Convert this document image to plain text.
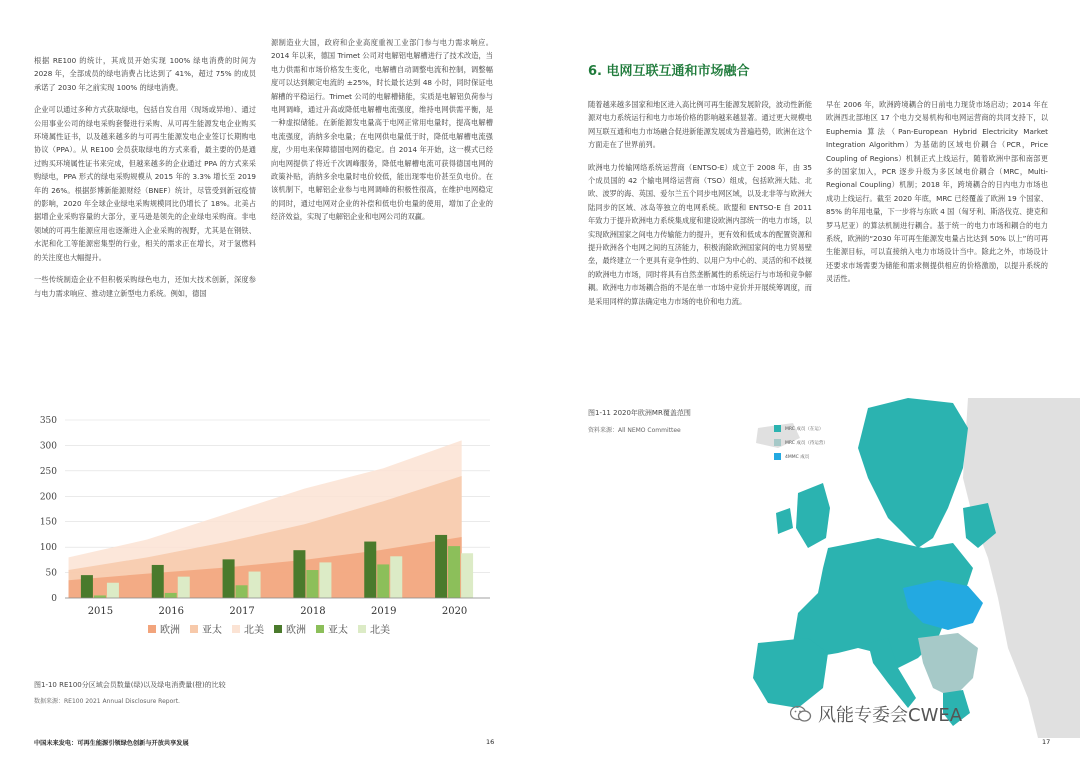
根据 RE100 的统计，其成员开始实现 100% 绿电消费的时间为 2028 年，全部成员的绿电消费占比达到了 41%，超过 75% 的成员承诺了 2030 年之前实现 100% 的绿电消费。

企业可以通过多种方式获取绿电，包括自发自用（现场或异地）、通过公用事业公司的绿电采购套餐进行采购、从可再生能源发电企业购买环境属性证书，以及越来越多的与可再生能源发电企业签订长期购电协议（PPA）。从 RE100 会员获取绿电的方式来看，最主要的仍是通过购买环境属性证书来完成，但越来越多的企业通过 PPA 的方式来采购绿电，PPA 形式的绿电采购规模从 2015 年的 3.3% 增长至 2019 年的 26%。根据彭博新能源财经（BNEF）统计，尽管受到新冠疫情的影响，2020 年全球企业绿电采购规模同比仍增长了 18%。北美占据增企业采购容量的大部分，亚马逊是领先的企业绿电采购商。非电领域的可再生能源应用也逐渐进入企业采购的视野，尤其是在钢铁、水泥和化工等能源密集型的行业，相关的需求正在增长，对于氢燃料的关注度也大幅提升。

一些传统制造企业不但积极采购绿色电力，还加大技术创新，深度参与电力需求响应、推动建立新型电力系统。例如，德国

源制造业大国，政府和企业高度重视工业部门参与电力需求响应。2014 年以来，德国 Trimet 公司对电解铝电解槽进行了技术改造，当电力供需和市场价格发生变化，电解槽自动调整电流和控制，调整幅度可以达到额定电流的 ±25%，时长最长达到 48 小时，同时保证电解槽的平稳运行。Trimet 公司的电解槽储能，实质是电解铝负荷参与电网调峰，通过升高或降低电解槽电流强度，维持电网供需平衡，是一种虚拟储能。在新能源发电量高于电网正常用电量时，提高电解槽电流强度，消纳多余电量；在电网供电量低于时，降低电解槽电流强度，少用电来保障德国电网的稳定。自 2014 年开始，这一模式已经向电网提供了将近千次调峰服务，降低电解槽电流可获得德国电网的政策补贴，消纳多余电量时电价较低，能出现零电价甚至负电价。在该机制下，电解铝企业参与电网调峰的积极性很高，在维护电网稳定的同时，通过电网对企业的补偿和低电价电量的使用，增加了企业的经济效益，实现了电解铝企业和电网公司的双赢。

0
50
100
150
200
250
300
350
2015	2016	2017	2018	2019	2020
欧洲 亚太 北美 欧洲 亚太 北美
图1-10 RE100分区域会员数量(绿)以及绿电消费量(橙)的比较
数据来源：RE100 2021 Annual Disclosure Report.
中国未来发电：可再生能源引领绿色创新与开放共享发展	16
6. 电网互联互通和市场融合

随着越来越多国家和地区进入高比例可再生能源发展阶段，波动性新能源对电力系统运行和电力市场价格的影响越来越显著。通过更大规模电网互联互通和电力市场融合促进新能源发展成为普遍趋势，欧洲在这个方面走在了世界前列。

欧洲电力传输网络系统运营商（ENTSO-E）成立于 2008 年，由 35 个成员国的 42 个输电网络运营商（TSO）组成，包括欧洲大陆、北欧、波罗的海、英国、爱尔兰五个同步电网区域，以及北非等与欧洲大陆同步的区域、冰岛等独立的电网系统。欧盟和 ENTSO-E 自 2011 年致力于提升欧洲电力系统集成度和建设欧洲内部统一的电力市场，以实现欧洲国家之间电力传输能力的提升，更有效和低成本的配置资源和提升欧洲各个电网之间的互济能力，积极消除欧洲国家间的电力贸易壁垒，最终建立一个更具有竞争性的、以用户为中心的、灵活的和不歧视的欧洲电力市场，同时将具有自然垄断属性的系统运行与市场和竞争解耦。欧洲电力市场耦合指的不是在单一市场中竞价并开展统筹调度，而是采用同样的算法确定电力市场的电价和电力流。

早在 2006 年，欧洲跨境耦合的日前电力现货市场启动；2014 年在欧洲西北部地区 17 个电力交易机构和电网运营商的共同支持下，以 Euphemia 算法（Pan-European Hybrid Electricity Market Integration Algorithm）为基础的区域电价耦合（PCR，Price Coupling of Regions）机制正式上线运行，随着欧洲中部和南部更多的国家加入，PCR 逐步升级为多区域电价耦合（MRC，Multi-Regional Coupling）机制；2018 年，跨境耦合的日内电力市场也成功上线运行。截至 2020 年底，MRC 已经覆盖了欧洲 19 个国家、85% 的年用电量，下一步将与东欧 4 国（匈牙利、斯洛伐克、捷克和罗马尼亚）的算法机制进行耦合。基于统一的电力市场和耦合的电力系统，欧洲的“2030 年可再生能源发电量占比达到 50% 以上”的可再生能源目标，可以直接纳入电力市场设计当中。除此之外，市场设计还要求市场需要为储能和需求侧提供相应的价格激励，以提升系统的灵活性。

图1-11 2020年欧洲MR覆盖范围
资料来源：All NEMO Committee	MRC 成员（在运）
MRC 成员（待运营）
4MMC 成员
风能专委会CWEA
17
